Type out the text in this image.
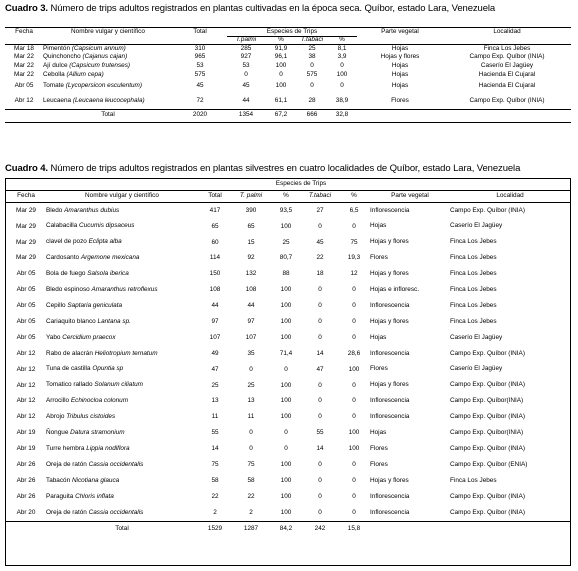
Cuadro 3. Número de trips adultos registrados en plantas cultivadas en la época seca. Quíbor, estado Lara, Venezuela
Fecha	Nombre vulgar y científico	Total	Especies de Trips				Parte vegetal	Localidad
			T.palmi	%	T.tabaci	%		
Mar 18	Pimentón (Capsicum annum)	310	285	91,9	25	8,1	Hojas	Finca Los Jebes
Mar 22	Quinchoncho (Cajanus cajan)	965	927	96,1	38	3,9	Hojas y flores	Campo Exp. Quíbor (INIA)
Mar 22	Ají dulce (Capsicum frutenses)	53	53	100	0	0	Hojas	Caserío El Jagüey
Mar 22	Cebolla (Allium cepa)	575	0	0	575	100	Hojas	Hacienda El Cujaral
Abr 05	Tomate (Lycopersicon esculentum)	45	45	100	0	0	Hojas	Hacienda El Cujaral
Abr 12	Leucaena (Leucaena leucocephala)	72	44	61,1	28	38,9	Flores	Campo Exp. Quíbor (INIA)
	Total	2020	1354	67,2	666	32,8		
Cuadro 4. Número de trips adultos registrados en plantas silvestres en cuatro localidades de Quíbor, estado Lara, Venezuela
			Especies de Trips					
Fecha	Nombre vulgar y científico	Total	T. palmi	%	T.tabaci	%	Parte vegetal	Localidad
Mar 29	Bledo Amaranthus dubius	417	390	93,5	27	6,5	Inflorescencia	Campo Exp. Quíbor (INIA)
Mar 29	Calabacilla Cucumis dipsaceus	65	65	100	0	0	Hojas	Caserío El Jagüey
Mar 29	clavel de pozo Eclipta alba	60	15	25	45	75	Hojas y flores	Finca Los Jebes
Mar 29	Cardosanto Argemone mexicana	114	92	80,7	22	19,3	Flores	Finca Los Jebes
Abr 05	Bola de fuego Salsola iberica	150	132	88	18	12	Hojas y flores	Finca Los Jebes
Abr 05	Bledo espinoso Amaranthus retroflexus	108	108	100	0	0	Hojas e infloresc.	Finca Los Jebes
Abr 05	Cepillo Saptaria geniculata	44	44	100	0	0	Inflorescencia	Finca Los Jebes
Abr 05	Cariaquito blanco Lantana sp.	97	97	100	0	0	Hojas y flores	Finca Los Jebes
Abr 05	Yabo Cercidium praecox	107	107	100	0	0	Hojas	Caserío El Jagüey
Abr 12	Rabo de alacrán Heliotropium ternatum	49	35	71,4	14	28,6	Inflorescencia	Campo Exp. Quíbor (INIA)
Abr 12	Tuna de castilla Opuntia sp	47	0	0	47	100	Flores	Caserío El Jagüey
Abr 12	Tomatico rallado Solanum ciliatum	25	25	100	0	0	Hojas y flores	Campo Exp. Quíbor (INIA)
Abr 12	Arrocillo Echinocloa colonum	13	13	100	0	0	Inflorescencia	Campo Exp. Quíbor(INIA)
Abr 12	Abrojo Tribulus cistoides	11	11	100	0	0	Inflorescencia	Campo Exp. Quíbor (INIA)
Abr 19	Ñongue Datura stramonium	55	0	0	55	100	Hojas	Campo Exp. Quíbor(INIA)
Abr 19	Turre hembra Lippia nodiflora	14	0	0	14	100	Flores	Campo Exp. Quíbor (INIA)
Abr 26	Oreja de ratón Cassia occidentalis	75	75	100	0	0	Flores	Campo Exp. Quíbor (ENIA)
Abr 26	Tabacón Nicotiana glauca	58	58	100	0	0	Hojas y flores	Finca Los Jebes
Abr 26	Paraguita Chloris inflata	22	22	100	0	0	Inflorescencia	Campo Exp. Quíbor (INIA)
Abr 20	Oreja de ratón Cassia occidentalis	2	2	100	0	0	Inflorescencia	Campo Exp. Quíbor (INIA)
	Total	1529	1287	84,2	242	15,8		
